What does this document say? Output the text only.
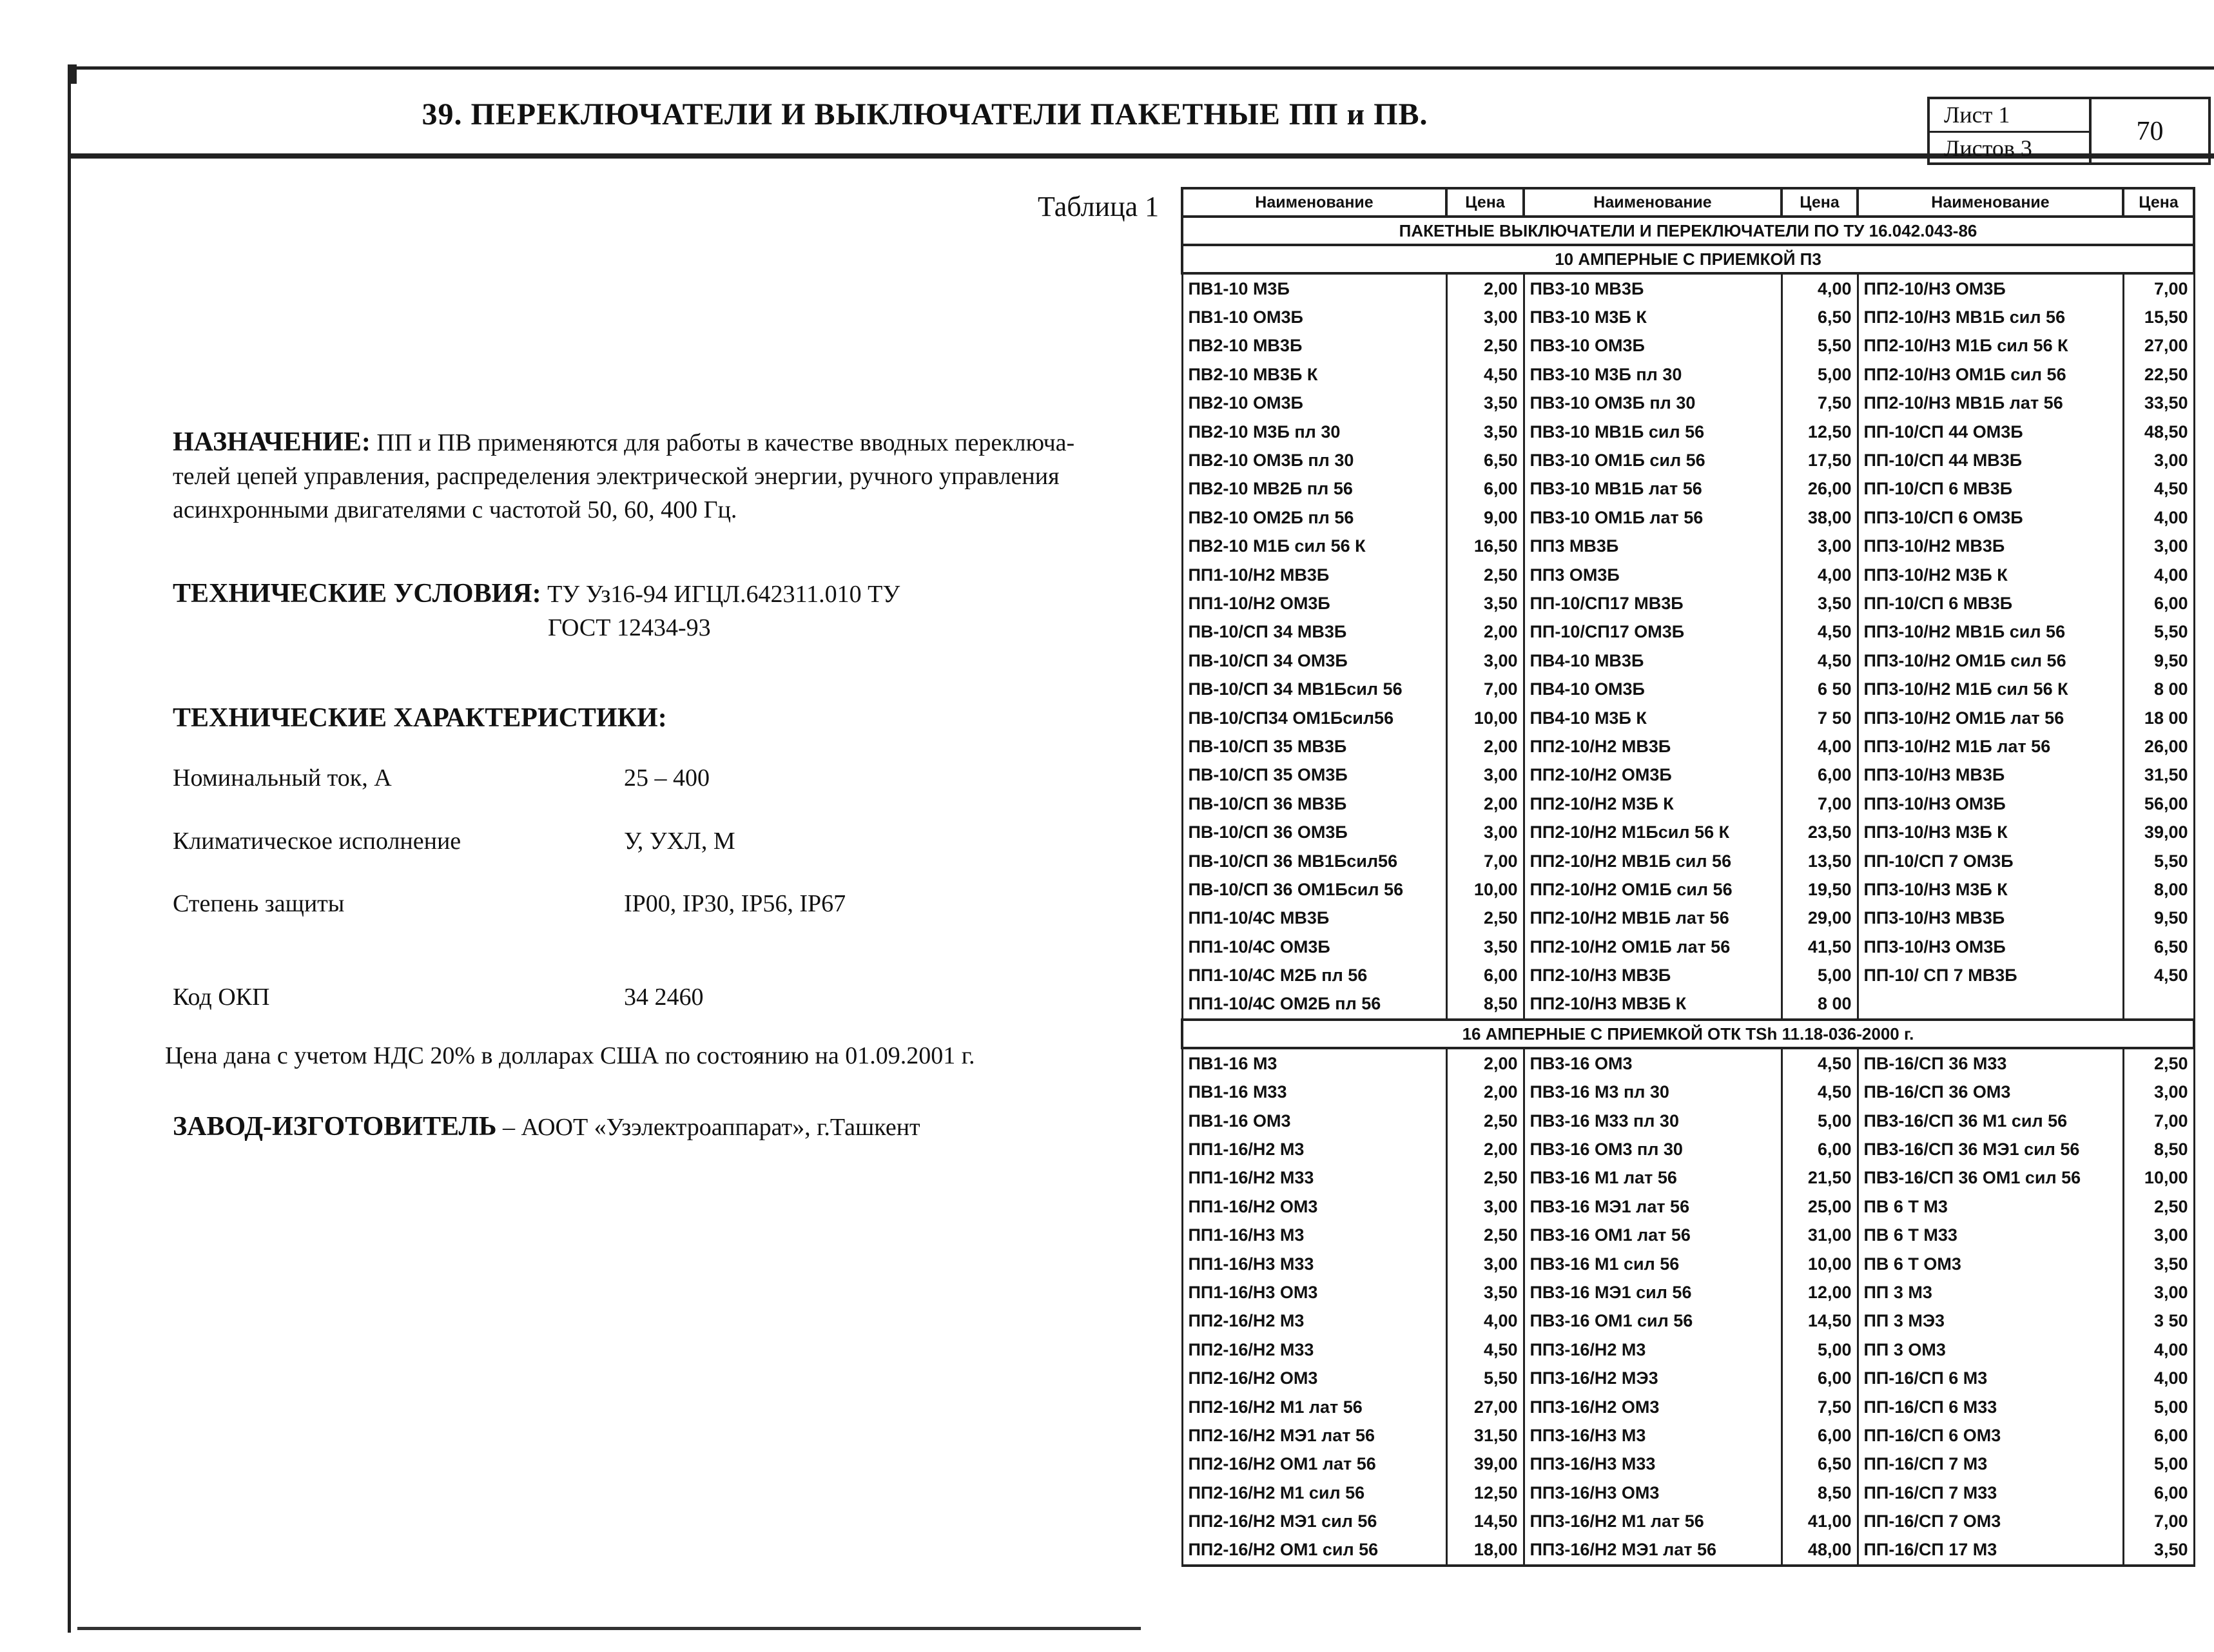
39. ПЕРЕКЛЮЧАТЕЛИ И ВЫКЛЮЧАТЕЛИ ПАКЕТНЫЕ ПП и ПВ.	Лист 1
Листов 3
70
Таблица 1
НАЗНАЧЕНИЕ: ПП и ПВ применяются для работы в качестве вводных переключа-
телей цепей управления, распределения электрической энергии, ручного управления
асинхронными двигателями с частотой 50, 60, 400 Гц.
ТЕХНИЧЕСКИЕ УСЛОВИЯ: ТУ Уз16-94 ИГЦЛ.642311.010 ТУ
ГОСТ 12434-93
ТЕХНИЧЕСКИЕ ХАРАКТЕРИСТИКИ:
Номинальный ток, А	25 – 400
Климатическое исполнение	У, УХЛ, М
Степень защиты	IP00, IP30, IP56, IP67
Код ОКП	34 2460
Цена дана с учетом НДС 20% в долларах США по состоянию на 01.09.2001 г.
ЗАВОД-ИЗГОТОВИТЕЛЬ – АООТ «Узэлектроаппарат», г.Ташкент
Наименование	Цена	Наименование	Цена	Наименование	Цена
ПАКЕТНЫЕ ВЫКЛЮЧАТЕЛИ И ПЕРЕКЛЮЧАТЕЛИ ПО ТУ 16.042.043-86					
10 АМПЕРНЫЕ С ПРИЕМКОЙ П3					
ПВ1-10 М3Б	2,00	ПВ3-10 МВ3Б	4,00	ПП2-10/Н3 ОМ3Б	7,00
ПВ1-10 ОМ3Б	3,00	ПВ3-10 М3Б К	6,50	ПП2-10/Н3 МВ1Б сил 56	15,50
ПВ2-10 МВ3Б	2,50	ПВ3-10 ОМ3Б	5,50	ПП2-10/Н3 М1Б сил 56 К	27,00
ПВ2-10 МВ3Б К	4,50	ПВ3-10 М3Б пл 30	5,00	ПП2-10/Н3 ОМ1Б сил 56	22,50
ПВ2-10 ОМ3Б	3,50	ПВ3-10 ОМ3Б пл 30	7,50	ПП2-10/Н3 МВ1Б лат 56	33,50
ПВ2-10 М3Б пл 30	3,50	ПВ3-10 МВ1Б сил 56	12,50	ПП-10/СП 44 ОМ3Б	48,50
ПВ2-10 ОМ3Б пл 30	6,50	ПВ3-10 ОМ1Б сил 56	17,50	ПП-10/СП 44 МВ3Б	3,00
ПВ2-10 МВ2Б пл 56	6,00	ПВ3-10 МВ1Б лат 56	26,00	ПП-10/СП 6 МВ3Б	4,50
ПВ2-10 ОМ2Б пл 56	9,00	ПВ3-10 ОМ1Б лат 56	38,00	ПП3-10/СП 6 ОМ3Б	4,00
ПВ2-10 М1Б сил 56 К	16,50	ПП3 МВ3Б	3,00	ПП3-10/Н2 МВ3Б	3,00
ПП1-10/Н2 МВ3Б	2,50	ПП3 ОМ3Б	4,00	ПП3-10/Н2 М3Б К	4,00
ПП1-10/Н2 ОМ3Б	3,50	ПП-10/СП17 МВ3Б	3,50	ПП-10/СП 6 МВ3Б	6,00
ПВ-10/СП 34 МВ3Б	2,00	ПП-10/СП17 ОМ3Б	4,50	ПП3-10/Н2 МВ1Б сил 56	5,50
ПВ-10/СП 34 ОМ3Б	3,00	ПВ4-10 МВ3Б	4,50	ПП3-10/Н2 ОМ1Б сил 56	9,50
ПВ-10/СП 34 МВ1Бсил 56	7,00	ПВ4-10 ОМ3Б	6 50	ПП3-10/Н2 М1Б сил 56 К	8 00
ПВ-10/СП34 ОМ1Бсил56	10,00	ПВ4-10 М3Б К	7 50	ПП3-10/Н2 ОМ1Б лат 56	18 00
ПВ-10/СП 35 МВ3Б	2,00	ПП2-10/Н2 МВ3Б	4,00	ПП3-10/Н2 М1Б лат 56	26,00
ПВ-10/СП 35 ОМ3Б	3,00	ПП2-10/Н2 ОМ3Б	6,00	ПП3-10/Н3 МВ3Б	31,50
ПВ-10/СП 36 МВ3Б	2,00	ПП2-10/Н2 М3Б К	7,00	ПП3-10/Н3 ОМ3Б	56,00
ПВ-10/СП 36 ОМ3Б	3,00	ПП2-10/Н2 М1Бсил 56 К	23,50	ПП3-10/Н3 М3Б К	39,00
ПВ-10/СП 36 МВ1Бсил56	7,00	ПП2-10/Н2 МВ1Б сил 56	13,50	ПП-10/СП 7 ОМ3Б	5,50
ПВ-10/СП 36 ОМ1Бсил 56	10,00	ПП2-10/Н2 ОМ1Б сил 56	19,50	ПП3-10/Н3 М3Б К	8,00
ПП1-10/4С МВ3Б	2,50	ПП2-10/Н2 МВ1Б лат 56	29,00	ПП3-10/Н3 МВ3Б	9,50
ПП1-10/4С ОМ3Б	3,50	ПП2-10/Н2 ОМ1Б лат 56	41,50	ПП3-10/Н3 ОМ3Б	6,50
ПП1-10/4С М2Б пл 56	6,00	ПП2-10/Н3 МВ3Б	5,00	ПП-10/ СП 7 МВ3Б	4,50
ПП1-10/4С ОМ2Б пл 56	8,50	ПП2-10/Н3 МВ3Б К	8 00		
16 АМПЕРНЫЕ С ПРИЕМКОЙ ОТК TSh 11.18-036-2000 г.					
ПВ1-16 М3	2,00	ПВ3-16 ОМ3	4,50	ПВ-16/СП 36 М33	2,50
ПВ1-16 М33	2,00	ПВ3-16 М3 пл 30	4,50	ПВ-16/СП 36 ОМ3	3,00
ПВ1-16 ОМ3	2,50	ПВ3-16 М33 пл 30	5,00	ПВ3-16/СП 36 М1 сил 56	7,00
ПП1-16/Н2 М3	2,00	ПВ3-16 ОМ3 пл 30	6,00	ПВ3-16/СП 36 МЭ1 сил 56	8,50
ПП1-16/Н2 М33	2,50	ПВ3-16 М1 лат 56	21,50	ПВ3-16/СП 36 ОМ1 сил 56	10,00
ПП1-16/Н2 ОМ3	3,00	ПВ3-16 МЭ1 лат 56	25,00	ПВ 6 Т М3	2,50
ПП1-16/Н3 М3	2,50	ПВ3-16 ОМ1 лат 56	31,00	ПВ 6 Т М33	3,00
ПП1-16/Н3 М33	3,00	ПВ3-16 М1 сил 56	10,00	ПВ 6 Т ОМ3	3,50
ПП1-16/Н3 ОМ3	3,50	ПВ3-16 МЭ1 сил 56	12,00	ПП 3 М3	3,00
ПП2-16/Н2 М3	4,00	ПВ3-16 ОМ1 сил 56	14,50	ПП 3 МЭ3	3 50
ПП2-16/Н2 М33	4,50	ПП3-16/Н2 М3	5,00	ПП 3 ОМ3	4,00
ПП2-16/Н2 ОМ3	5,50	ПП3-16/Н2 МЭ3	6,00	ПП-16/СП 6 М3	4,00
ПП2-16/Н2 М1 лат 56	27,00	ПП3-16/Н2 ОМ3	7,50	ПП-16/СП 6 М33	5,00
ПП2-16/Н2 МЭ1 лат 56	31,50	ПП3-16/Н3 М3	6,00	ПП-16/СП 6 ОМ3	6,00
ПП2-16/Н2 ОМ1 лат 56	39,00	ПП3-16/Н3 М33	6,50	ПП-16/СП 7 М3	5,00
ПП2-16/Н2 М1 сил 56	12,50	ПП3-16/Н3 ОМ3	8,50	ПП-16/СП 7 М33	6,00
ПП2-16/Н2 МЭ1 сил 56	14,50	ПП3-16/Н2 М1 лат 56	41,00	ПП-16/СП 7 ОМ3	7,00
ПП2-16/Н2 ОМ1 сил 56	18,00	ПП3-16/Н2 МЭ1 лат 56	48,00	ПП-16/СП 17 М3	3,50
